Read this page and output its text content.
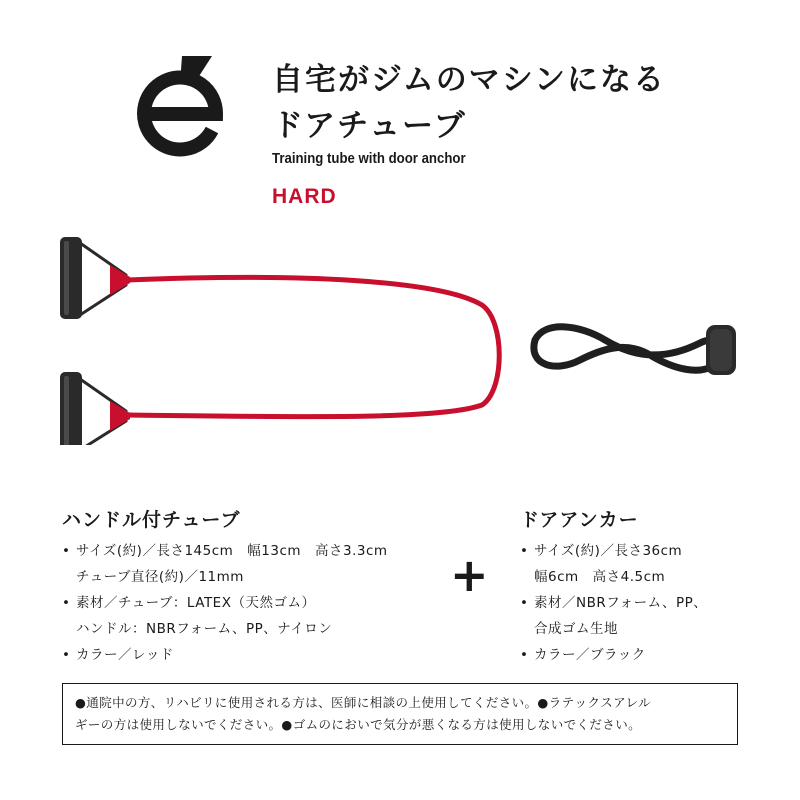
自宅がジムのマシンになる
ドアチューブ
Training tube with door anchor
HARD
ハンドル付チューブ
• サイズ(約)／長さ145cm　幅13cm　高さ3.3cm
チューブ直径(約)／11mm
• 素材／チューブ：LATEX（天然ゴム）
ハンドル：NBRフォーム、PP、ナイロン
• カラー／レッド
+
ドアアンカー
• サイズ(約)／長さ36cm
幅6cm　高さ4.5cm
• 素材／NBRフォーム、PP、
合成ゴム生地
• カラー／ブラック
●通院中の方、リハビリに使用される方は、医師に相談の上使用してください。●ラテックスアレル
ギーの方は使用しないでください。●ゴムのにおいで気分が悪くなる方は使用しないでください。
